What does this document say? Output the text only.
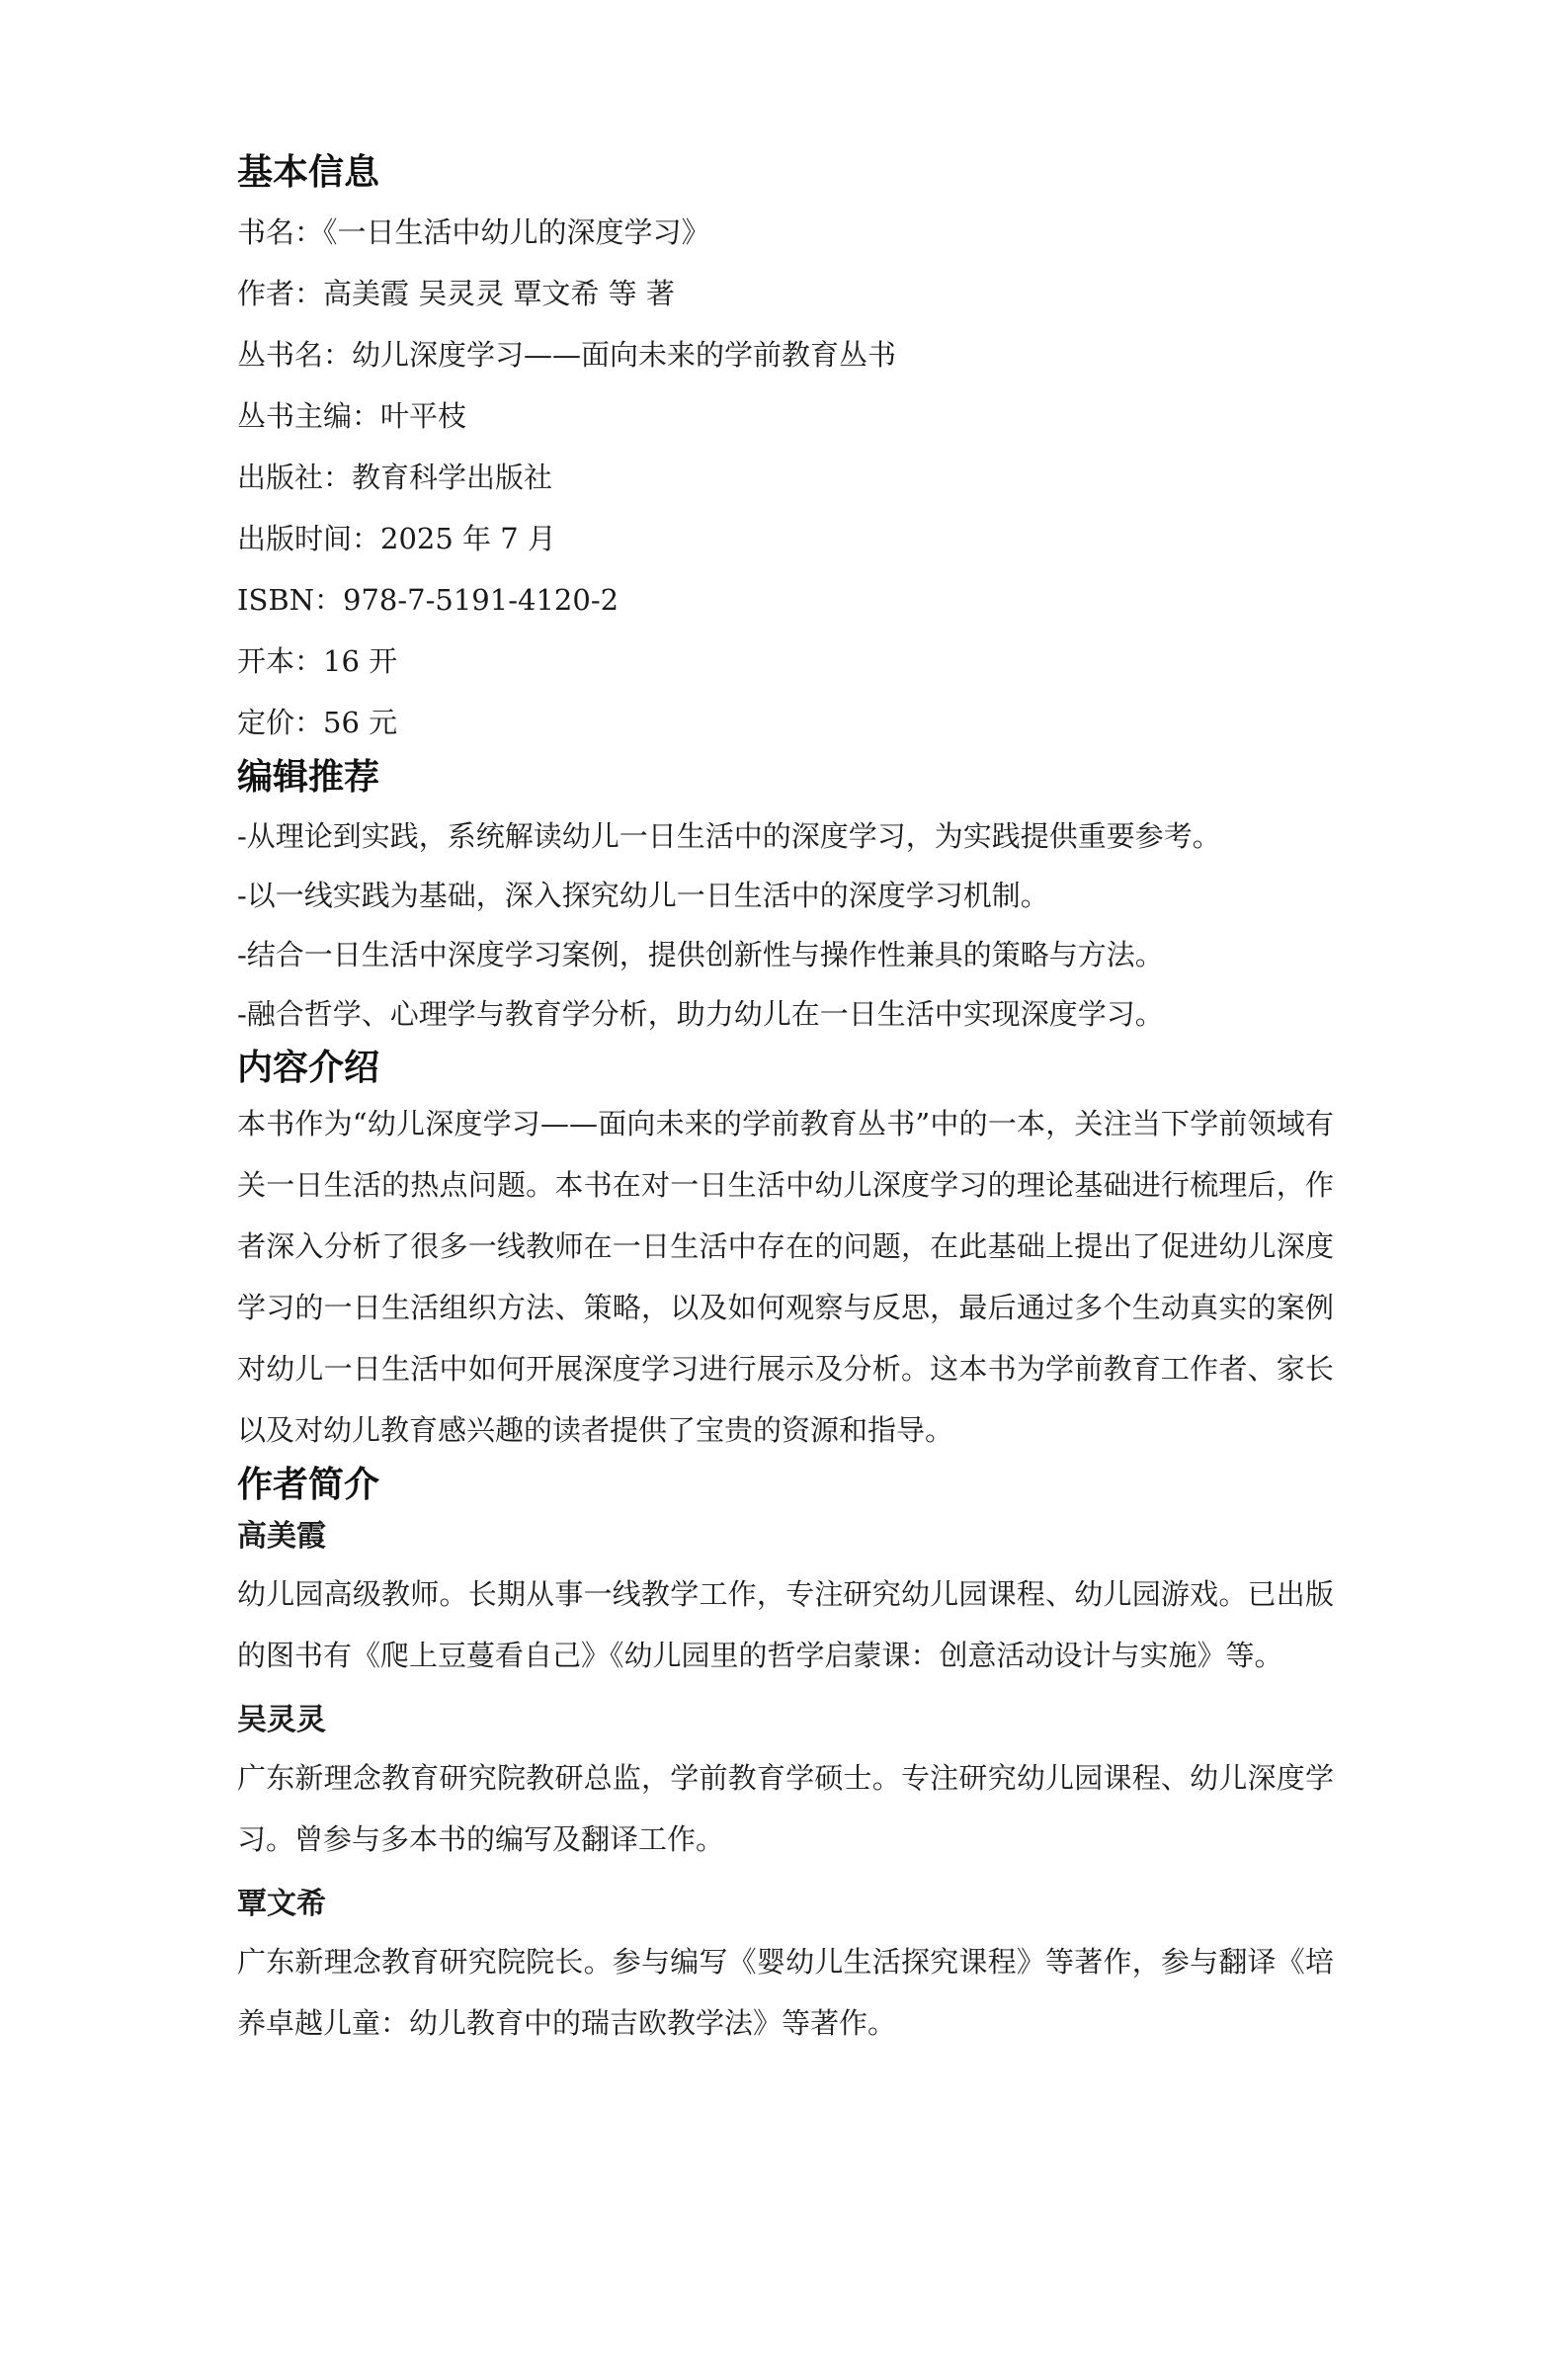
基本信息

书名：《一日生活中幼儿的深度学习》

作者：高美霞 吴灵灵 覃文希 等 著

丛书名：幼儿深度学习——面向未来的学前教育丛书

丛书主编：叶平枝

出版社：教育科学出版社

出版时间：2025 年 7 月

ISBN：978-7-5191-4120-2

开本：16 开

定价：56 元

编辑推荐

-从理论到实践，系统解读幼儿一日生活中的深度学习，为实践提供重要参考。

-以一线实践为基础，深入探究幼儿一日生活中的深度学习机制。

-结合一日生活中深度学习案例，提供创新性与操作性兼具的策略与方法。

-融合哲学、心理学与教育学分析，助力幼儿在一日生活中实现深度学习。

内容介绍

本书作为“幼儿深度学习——面向未来的学前教育丛书”中的一本，关注当下学前领域有关一日生活的热点问题。本书在对一日生活中幼儿深度学习的理论基础进行梳理后，作者深入分析了很多一线教师在一日生活中存在的问题，在此基础上提出了促进幼儿深度学习的一日生活组织方法、策略，以及如何观察与反思，最后通过多个生动真实的案例对幼儿一日生活中如何开展深度学习进行展示及分析。这本书为学前教育工作者、家长以及对幼儿教育感兴趣的读者提供了宝贵的资源和指导。

作者简介

高美霞

幼儿园高级教师。长期从事一线教学工作，专注研究幼儿园课程、幼儿园游戏。已出版的图书有《爬上豆蔓看自己》《幼儿园里的哲学启蒙课：创意活动设计与实施》等。

吴灵灵

广东新理念教育研究院教研总监，学前教育学硕士。专注研究幼儿园课程、幼儿深度学习。曾参与多本书的编写及翻译工作。

覃文希

广东新理念教育研究院院长。参与编写《婴幼儿生活探究课程》等著作，参与翻译《培养卓越儿童：幼儿教育中的瑞吉欧教学法》等著作。
